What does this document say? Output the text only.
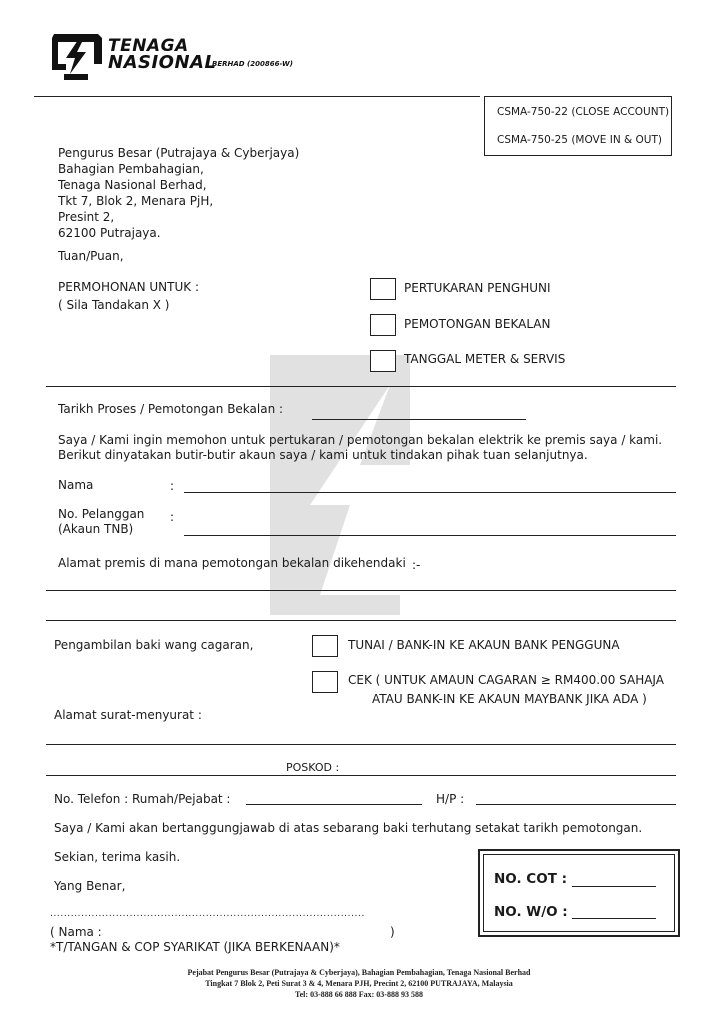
TENAGA
NASIONAL
BERHAD (200866-W)
CSMA-750-22 (CLOSE ACCOUNT)
CSMA-750-25 (MOVE IN & OUT)
Pengurus Besar (Putrajaya & Cyberjaya)
Bahagian Pembahagian,
Tenaga Nasional Berhad,
Tkt 7, Blok 2, Menara PjH,
Presint 2,
62100 Putrajaya.
Tuan/Puan,
PERMOHONAN UNTUK :
( Sila Tandakan X )
PERTUKARAN PENGHUNI
PEMOTONGAN BEKALAN
TANGGAL METER & SERVIS
Tarikh Proses / Pemotongan Bekalan :
Saya / Kami ingin memohon untuk pertukaran / pemotongan bekalan elektrik ke premis saya / kami.
Berikut dinyatakan butir-butir akaun saya / kami untuk tindakan pihak tuan selanjutnya.
Nama	:
No. Pelanggan
(Akaun TNB)
:
Alamat premis di mana pemotongan bekalan dikehendaki :-
Pengambilan baki wang cagaran,	TUNAI / BANK-IN KE AKAUN BANK PENGGUNA
CEK ( UNTUK AMAUN CAGARAN ≥ RM400.00 SAHAJA
ATAU BANK-IN KE AKAUN MAYBANK JIKA ADA )
Alamat surat-menyurat :
POSKOD :
No. Telefon : Rumah/Pejabat :	H/P :
Saya / Kami akan bertanggungjawab di atas sebarang baki terhutang setakat tarikh pemotongan.
Sekian, terima kasih.
Yang Benar,
...........................................................................................
( Nama :	)
*T/TANGAN & COP SYARIKAT (JIKA BERKENAAN)*
NO. COT :
NO. W/O :
Pejabat Pengurus Besar (Putrajaya & Cyberjaya), Bahagian Pembahagian, Tenaga Nasional Berhad
Tingkat 7 Blok 2, Peti Surat 3 & 4, Menara PJH, Precint 2, 62100 PUTRAJAYA, Malaysia
Tel: 03-888 66 888 Fax: 03-888 93 588
